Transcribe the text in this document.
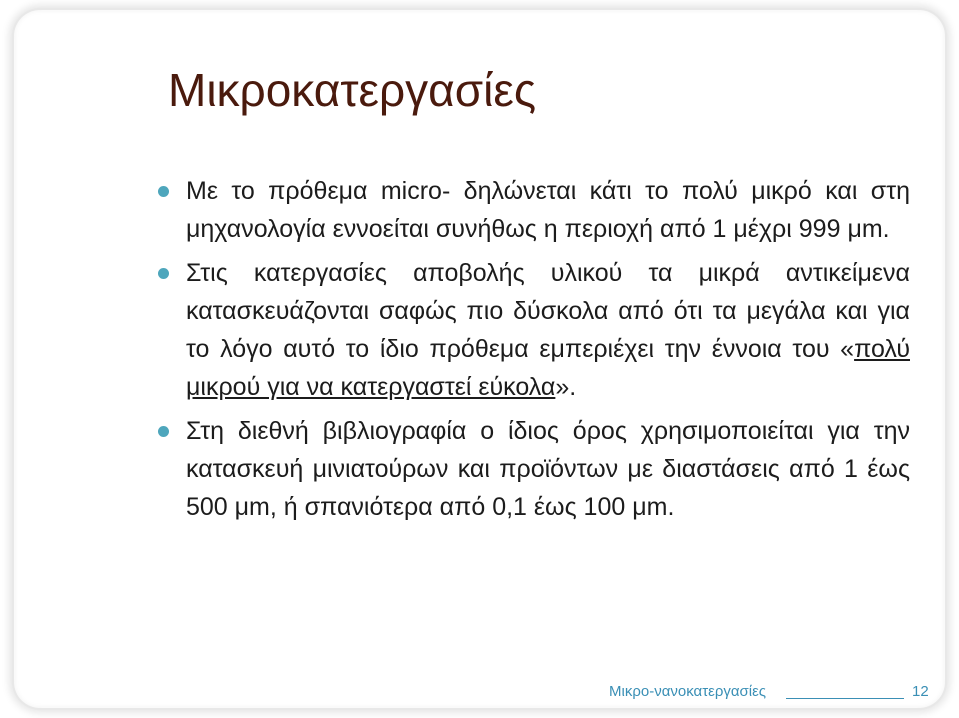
Μικροκατεργασίες
Με το πρόθεμα micro- δηλώνεται κάτι το πολύ μικρό και στη μηχανολογία εννοείται συνήθως η περιοχή από 1 μέχρι 999 μm.
Στις κατεργασίες αποβολής υλικού τα μικρά αντικείμενα κατασκευάζονται σαφώς πιο δύσκολα από ότι τα μεγάλα και για το λόγο αυτό το ίδιο πρόθεμα εμπεριέχει την έννοια του «πολύ μικρού για να κατεργαστεί εύκολα».
Στη διεθνή βιβλιογραφία ο ίδιος όρος χρησιμοποιείται για την κατασκευή μινιατούρων και προϊόντων με διαστάσεις από 1 έως 500 μm, ή σπανιότερα από 0,1 έως 100 μm.
Μικρο-νανοκατεργασίες	12
